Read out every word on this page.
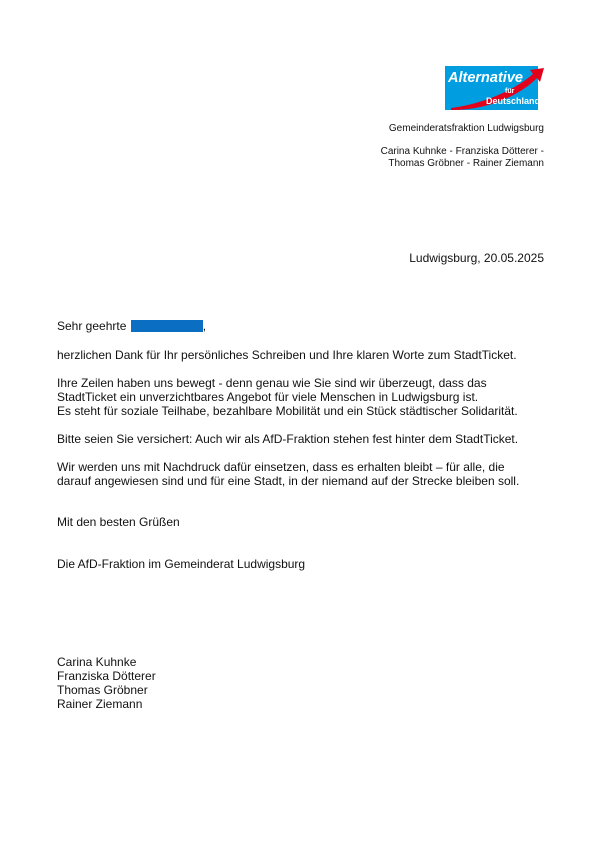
Alternative
für
Deutschland
Gemeinderatsfraktion Ludwigsburg
Carina Kuhnke - Franziska Dötterer -
Thomas Gröbner - Rainer Ziemann
Ludwigsburg, 20.05.2025

Sehr geehrte	,

herzlichen Dank für Ihr persönliches Schreiben und Ihre klaren Worte zum StadtTicket.

Ihre Zeilen haben uns bewegt - denn genau wie Sie sind wir überzeugt, dass das
StadtTicket ein unverzichtbares Angebot für viele Menschen in Ludwigsburg ist.
Es steht für soziale Teilhabe, bezahlbare Mobilität und ein Stück städtischer Solidarität.

Bitte seien Sie versichert: Auch wir als AfD-Fraktion stehen fest hinter dem StadtTicket.

Wir werden uns mit Nachdruck dafür einsetzen, dass es erhalten bleibt – für alle, die
darauf angewiesen sind und für eine Stadt, in der niemand auf der Strecke bleiben soll.

Mit den besten Grüßen

Die AfD-Fraktion im Gemeinderat Ludwigsburg

Carina Kuhnke
Franziska Dötterer
Thomas Gröbner
Rainer Ziemann
